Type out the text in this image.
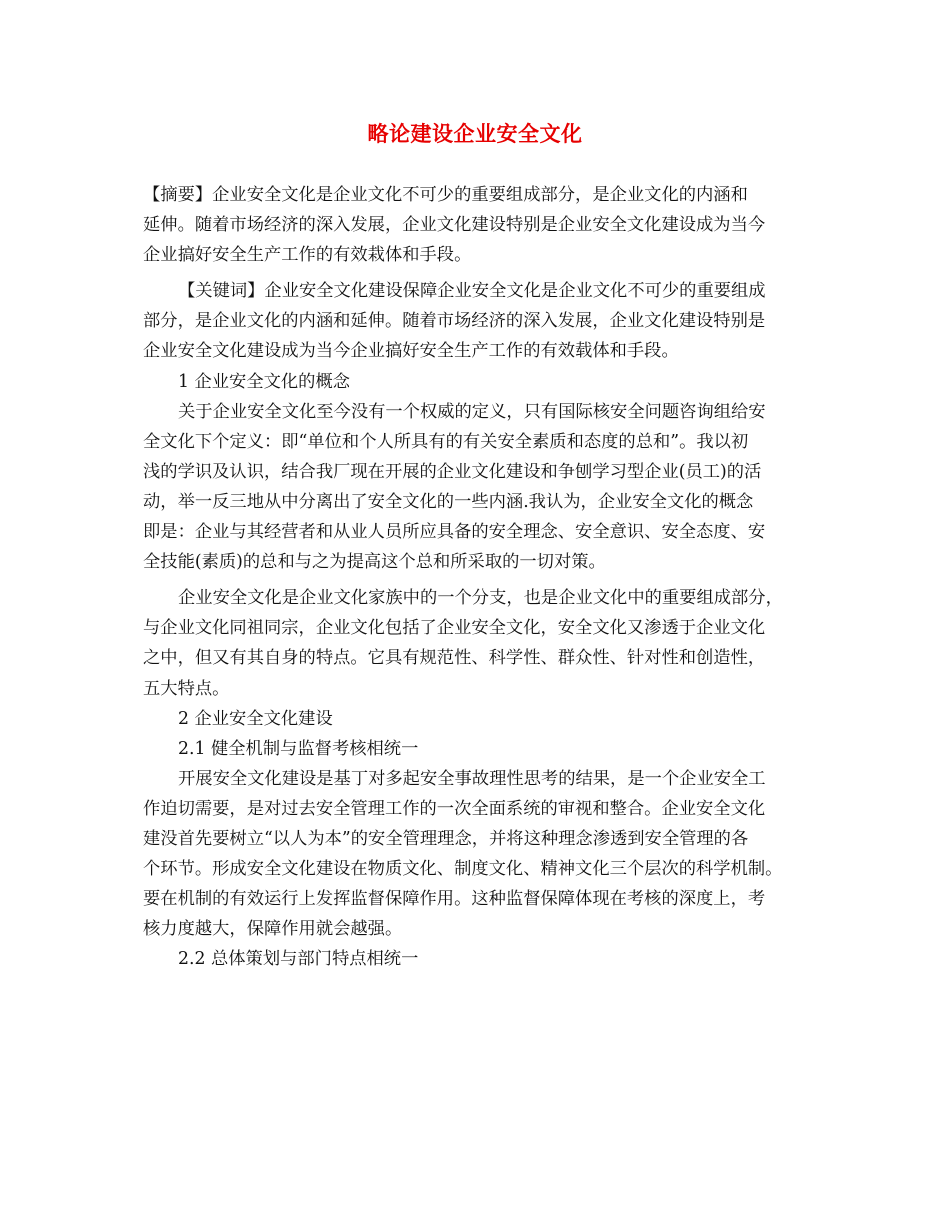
略论建设企业安全文化
【摘要】企业安全文化是企业文化不可少的重要组成部分，是企业文化的内涵和
延伸。随着市场经济的深入发展，企业文化建设特别是企业安全文化建设成为当今
企业搞好安全生产工作的有效栽体和手段。
【关键词】企业安全文化建设保障企业安全文化是企业文化不可少的重要组成
部分，是企业文化的内涵和延伸。随着市场经济的深入发展，企业文化建设特别是
企业安全文化建设成为当今企业搞好安全生产工作的有效载体和手段。
1 企业安全文化的概念
关于企业安全文化至今没有一个权威的定义，只有国际核安全问题咨询组给安
全文化下个定义：即“单位和个人所具有的有关安全素质和态度的总和”。我以初
浅的学识及认识，结合我厂现在开展的企业文化建设和争刨学习型企业(员工)的活
动，举一反三地从中分离出了安全文化的一些内涵.我认为，企业安全文化的概念
即是：企业与其经营者和从业人员所应具备的安全理念、安全意识、安全态度、安
全技能(素质)的总和与之为提高这个总和所采取的一切对策。
企业安全文化是企业文化家族中的一个分支，也是企业文化中的重要组成部分，
与企业文化同祖同宗，企业文化包括了企业安全文化，安全文化又渗透于企业文化
之中，但又有其自身的特点。它具有规范性、科学性、群众性、针对性和创造性，
五大特点。
2 企业安全文化建设
2.1 健全机制与监督考核相统一
开展安全文化建设是基丁对多起安全事故理性思考的结果，是一个企业安全工
作迫切需要，是对过去安全管理工作的一次全面系统的审视和整合。企业安全文化
建没首先要树立“以人为本”的安全管理理念，并将这种理念渗透到安全管理的各
个环节。形成安全文化建设在物质文化、制度文化、精神文化三个层次的科学机制。
要在机制的有效运行上发挥监督保障作用。这种监督保障体现在考核的深度上，考
核力度越大，保障作用就会越强。
2.2 总体策划与部门特点相统一
